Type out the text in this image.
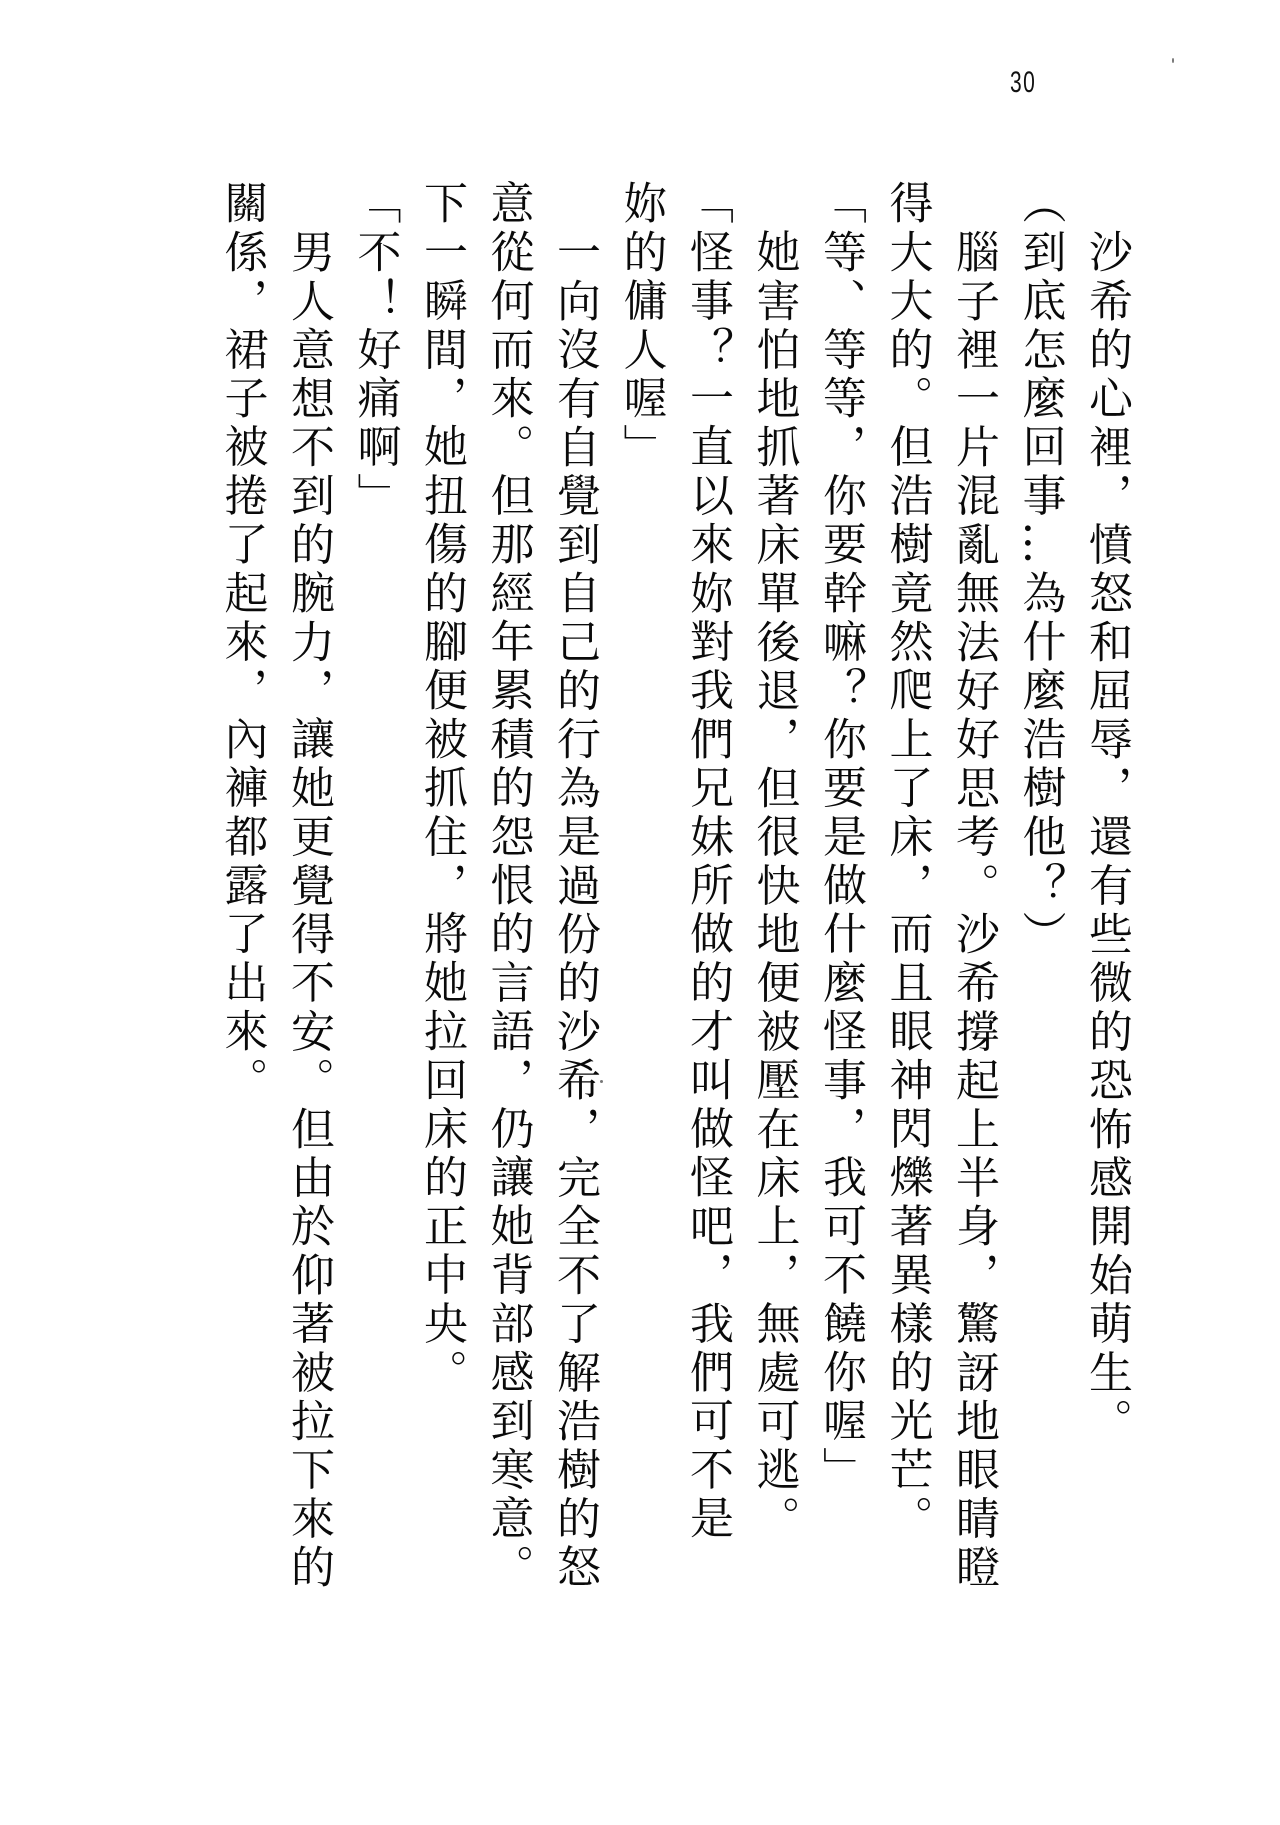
30
沙希的心裡，憤怒和屈辱，還有些微的恐怖感開始萌生。
（到底怎麼回事…為什麼浩樹他？）
腦子裡一片混亂無法好好思考。沙希撐起上半身，驚訝地眼睛瞪
得大大的。但浩樹竟然爬上了床，而且眼神閃爍著異樣的光芒。
「等、等等，你要幹嘛？你要是做什麼怪事，我可不饒你喔」
她害怕地抓著床單後退，但很快地便被壓在床上，無處可逃。
「怪事？一直以來妳對我們兄妹所做的才叫做怪吧，我們可不是
妳的傭人喔」
一向沒有自覺到自己的行為是過份的沙希，完全不了解浩樹的怒
意從何而來。但那經年累積的怨恨的言語，仍讓她背部感到寒意。
下一瞬間，她扭傷的腳便被抓住，將她拉回床的正中央。
「不！好痛啊」
男人意想不到的腕力，讓她更覺得不安。但由於仰著被拉下來的
關係，裙子被捲了起來，內褲都露了出來。
